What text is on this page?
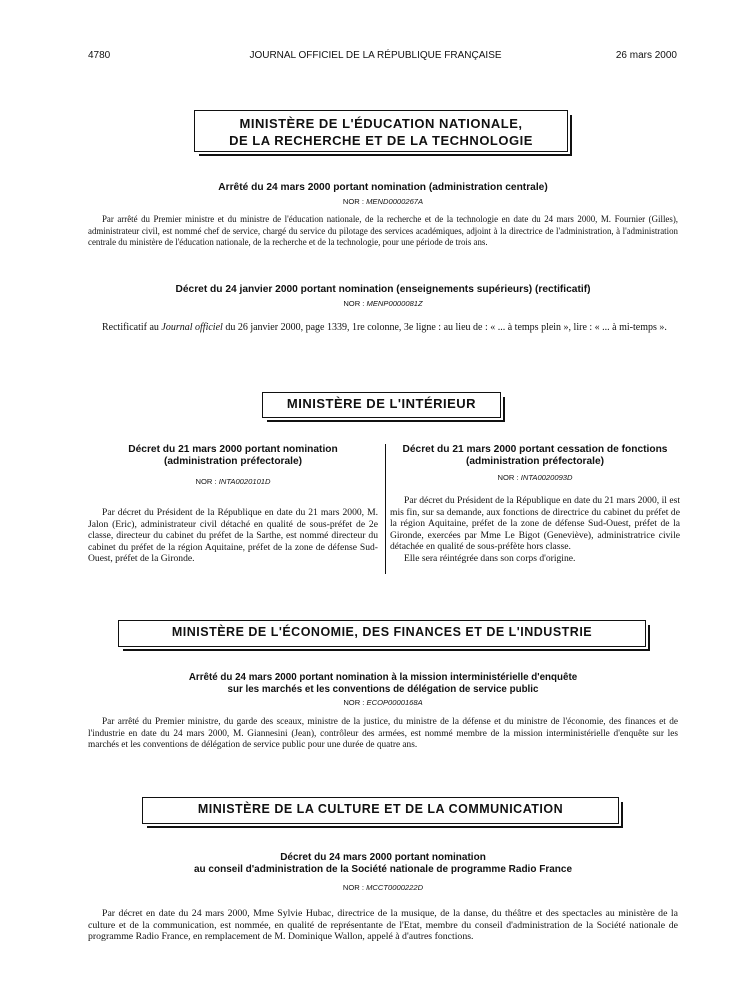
4780	JOURNAL OFFICIEL DE LA RÉPUBLIQUE FRANÇAISE	26 mars 2000
MINISTÈRE DE L'ÉDUCATION NATIONALE,
DE LA RECHERCHE ET DE LA TECHNOLOGIE
Arrêté du 24 mars 2000 portant nomination (administration centrale)
NOR : MEND0000267A
Par arrêté du Premier ministre et du ministre de l'éducation nationale, de la recherche et de la technologie en date du 24 mars 2000, M. Fournier (Gilles), administrateur civil, est nommé chef de service, chargé du service du pilotage des services académiques, adjoint à la directrice de l'administration, à l'administration centrale du ministère de l'éducation nationale, de la recherche et de la technologie, pour une période de trois ans.
Décret du 24 janvier 2000 portant nomination (enseignements supérieurs) (rectificatif)
NOR : MENP0000081Z
Rectificatif au Journal officiel du 26 janvier 2000, page 1339, 1re colonne, 3e ligne : au lieu de : « ... à temps plein », lire : « ... à mi-temps ».
MINISTÈRE DE L'INTÉRIEUR
Décret du 21 mars 2000 portant nomination
(administration préfectorale)
NOR : INTA0020101D
Par décret du Président de la République en date du 21 mars 2000, M. Jalon (Eric), administrateur civil détaché en qualité de sous-préfet de 2e classe, directeur du cabinet du préfet de la Sarthe, est nommé directeur du cabinet du préfet de la région Aquitaine, préfet de la zone de défense Sud-Ouest, préfet de la Gironde.
Décret du 21 mars 2000 portant cessation de fonctions
(administration préfectorale)
NOR : INTA0020093D

Par décret du Président de la République en date du 21 mars 2000, il est mis fin, sur sa demande, aux fonctions de directrice du cabinet du préfet de la région Aquitaine, préfet de la zone de défense Sud-Ouest, préfet de la Gironde, exercées par Mme Le Bigot (Geneviève), administratrice civile détachée en qualité de sous-préfète hors classe.

Elle sera réintégrée dans son corps d'origine.

MINISTÈRE DE L'ÉCONOMIE, DES FINANCES ET DE L'INDUSTRIE
Arrêté du 24 mars 2000 portant nomination à la mission interministérielle d'enquête
sur les marchés et les conventions de délégation de service public
NOR : ECOP0000168A
Par arrêté du Premier ministre, du garde des sceaux, ministre de la justice, du ministre de la défense et du ministre de l'économie, des finances et de l'industrie en date du 24 mars 2000, M. Giannesini (Jean), contrôleur des armées, est nommé membre de la mission interministérielle d'enquête sur les marchés et les conventions de délégation de service public pour une durée de quatre ans.
MINISTÈRE DE LA CULTURE ET DE LA COMMUNICATION
Décret du 24 mars 2000 portant nomination
au conseil d'administration de la Société nationale de programme Radio France
NOR : MCCT0000222D
Par décret en date du 24 mars 2000, Mme Sylvie Hubac, directrice de la musique, de la danse, du théâtre et des spectacles au ministère de la culture et de la communication, est nommée, en qualité de représentante de l'Etat, membre du conseil d'administration de la Société nationale de programme Radio France, en remplacement de M. Dominique Wallon, appelé à d'autres fonctions.
